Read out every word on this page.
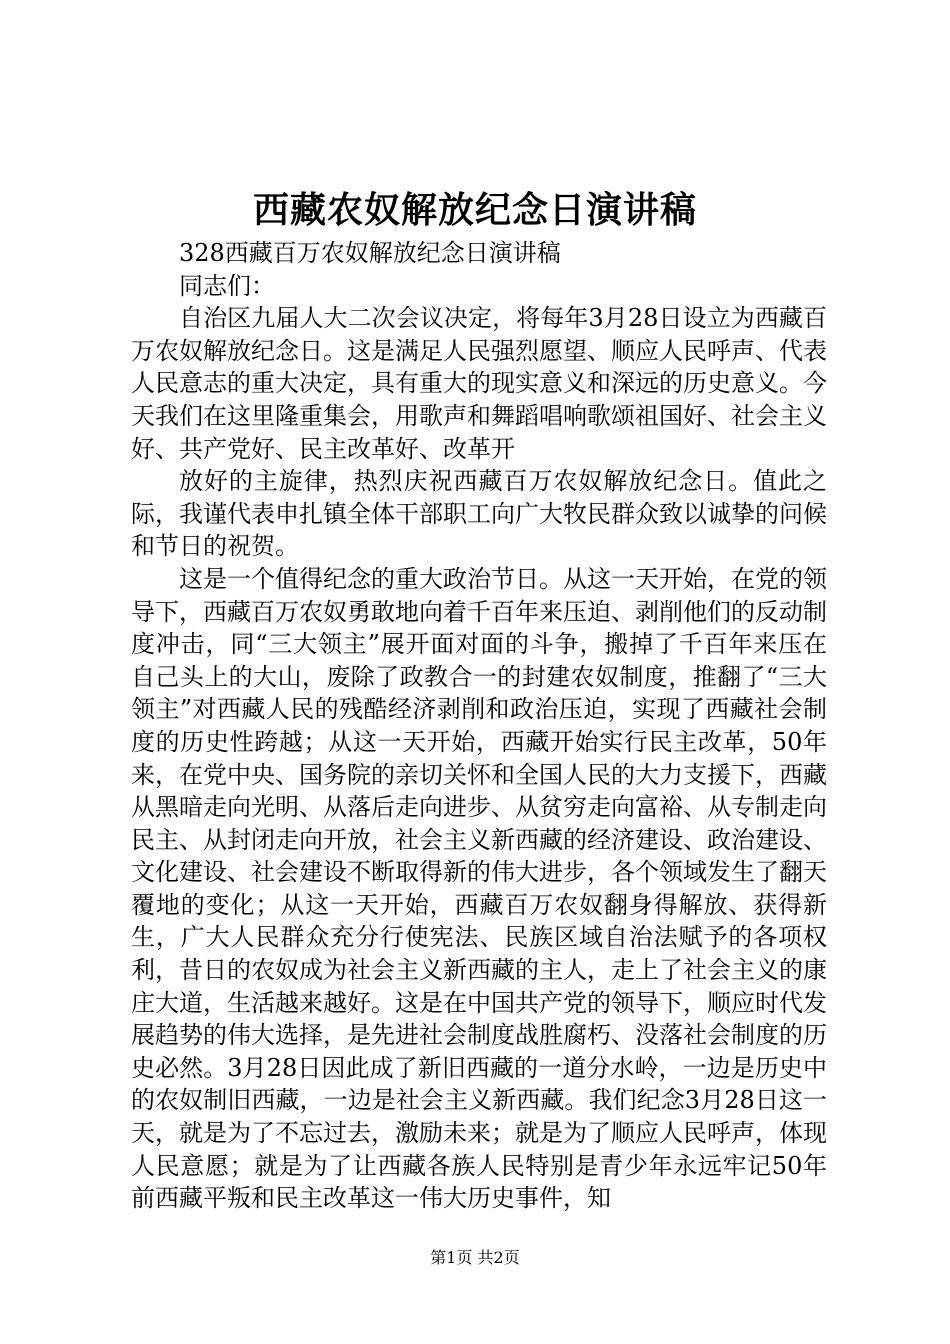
西藏农奴解放纪念日演讲稿

328西藏百万农奴解放纪念日演讲稿

同志们：

自治区九届人大二次会议决定，将每年3月28日设立为西藏百万农奴解放纪念日。这是满足人民强烈愿望、顺应人民呼声、代表人民意志的重大决定，具有重大的现实意义和深远的历史意义。今天我们在这里隆重集会，用歌声和舞蹈唱响歌颂祖国好、社会主义好、共产党好、民主改革好、改革开

放好的主旋律，热烈庆祝西藏百万农奴解放纪念日。值此之际，我谨代表申扎镇全体干部职工向广大牧民群众致以诚挚的问候和节日的祝贺。

这是一个值得纪念的重大政治节日。从这一天开始，在党的领导下，西藏百万农奴勇敢地向着千百年来压迫、剥削他们的反动制度冲击，同“三大领主”展开面对面的斗争，搬掉了千百年来压在自己头上的大山，废除了政教合一的封建农奴制度，推翻了“三大领主”对西藏人民的残酷经济剥削和政治压迫，实现了西藏社会制度的历史性跨越；从这一天开始，西藏开始实行民主改革，50年来，在党中央、国务院的亲切关怀和全国人民的大力支援下，西藏从黑暗走向光明、从落后走向进步、从贫穷走向富裕、从专制走向民主、从封闭走向开放，社会主义新西藏的经济建设、政治建设、文化建设、社会建设不断取得新的伟大进步，各个领域发生了翻天覆地的变化；从这一天开始，西藏百万农奴翻身得解放、获得新生，广大人民群众充分行使宪法、民族区域自治法赋予的各项权利，昔日的农奴成为社会主义新西藏的主人，走上了社会主义的康庄大道，生活越来越好。这是在中国共产党的领导下，顺应时代发展趋势的伟大选择，是先进社会制度战胜腐朽、没落社会制度的历史必然。3月28日因此成了新旧西藏的一道分水岭，一边是历史中的农奴制旧西藏，一边是社会主义新西藏。我们纪念3月28日这一天，就是为了不忘过去，激励未来；就是为了顺应人民呼声，体现人民意愿；就是为了让西藏各族人民特别是青少年永远牢记50年前西藏平叛和民主改革这一伟大历史事件，知

第1页 共2页
